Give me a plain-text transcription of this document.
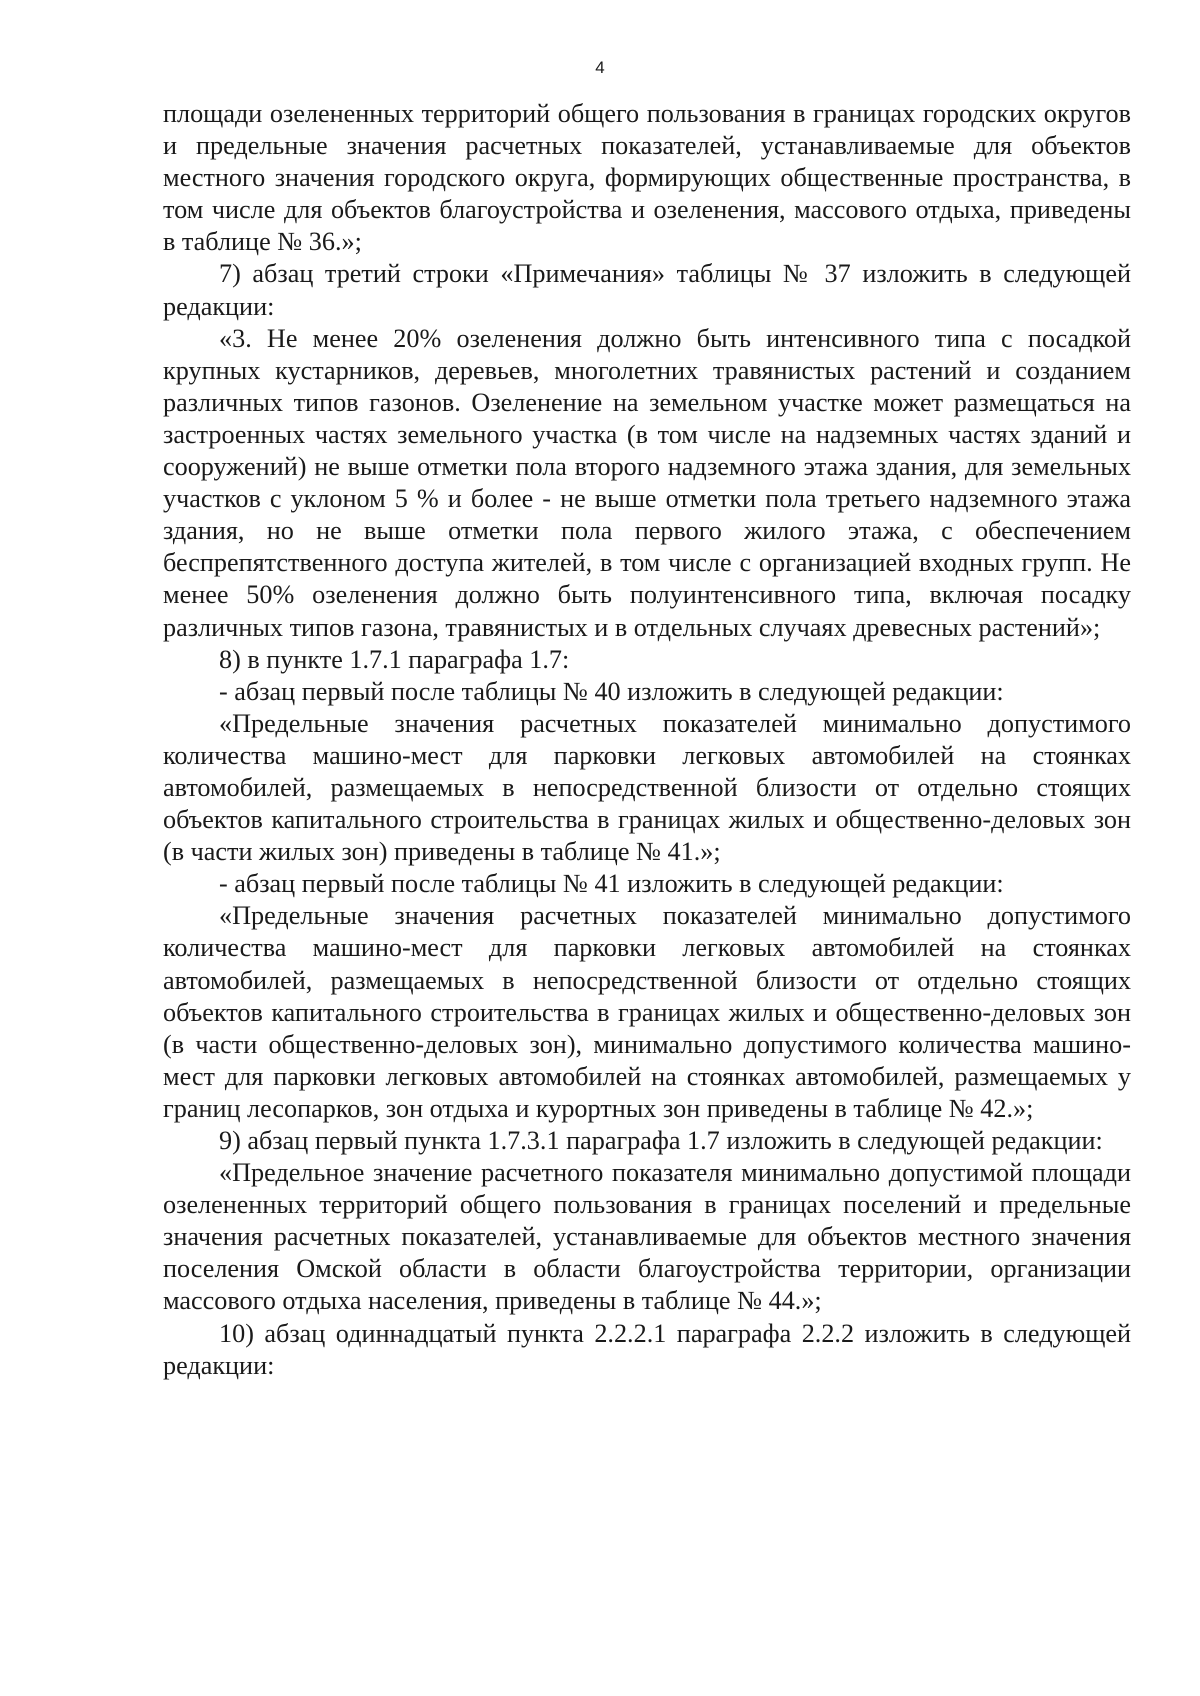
4

площади озелененных территорий общего пользования в границах городских округов и предельные значения расчетных показателей, устанавливаемые для объектов местного значения городского округа, формирующих общественные пространства, в том числе для объектов благоустройства и озеленения, массового отдыха, приведены в таблице № 36.»;

7) абзац третий строки «Примечания» таблицы № 37 изложить в следующей редакции:

«3. Не менее 20% озеленения должно быть интенсивного типа с посадкой крупных кустарников, деревьев, многолетних травянистых растений и созданием различных типов газонов. Озеленение на земельном участке может размещаться на застроенных частях земельного участка (в том числе на надземных частях зданий и сооружений) не выше отметки пола второго надземного этажа здания, для земельных участков с уклоном 5 % и более - не выше отметки пола третьего надземного этажа здания, но не выше отметки пола первого жилого этажа, с обеспечением беспрепятственного доступа жителей, в том числе с организацией входных групп. Не менее 50% озеленения должно быть полуинтенсивного типа, включая посадку различных типов газона, травянистых и в отдельных случаях древесных растений»;

8) в пункте 1.7.1 параграфа 1.7:

- абзац первый после таблицы № 40 изложить в следующей редакции:

«Предельные значения расчетных показателей минимально допустимого количества машино-мест для парковки легковых автомобилей на стоянках автомобилей, размещаемых в непосредственной близости от отдельно стоящих объектов капитального строительства в границах жилых и общественно-деловых зон (в части жилых зон) приведены в таблице № 41.»;

- абзац первый после таблицы № 41 изложить в следующей редакции:

«Предельные значения расчетных показателей минимально допустимого количества машино-мест для парковки легковых автомобилей на стоянках автомобилей, размещаемых в непосредственной близости от отдельно стоящих объектов капитального строительства в границах жилых и общественно-деловых зон (в части общественно-деловых зон), минимально допустимого количества машино-мест для парковки легковых автомобилей на стоянках автомобилей, размещаемых у границ лесопарков, зон отдыха и курортных зон приведены в таблице № 42.»;

9) абзац первый пункта 1.7.3.1 параграфа 1.7 изложить в следующей редакции:

«Предельное значение расчетного показателя минимально допустимой площади озелененных территорий общего пользования в границах поселений и предельные значения расчетных показателей, устанавливаемые для объектов местного значения поселения Омской области в области благоустройства территории, организации массового отдыха населения, приведены в таблице № 44.»;

10) абзац одиннадцатый пункта 2.2.2.1 параграфа 2.2.2 изложить в следующей редакции:
